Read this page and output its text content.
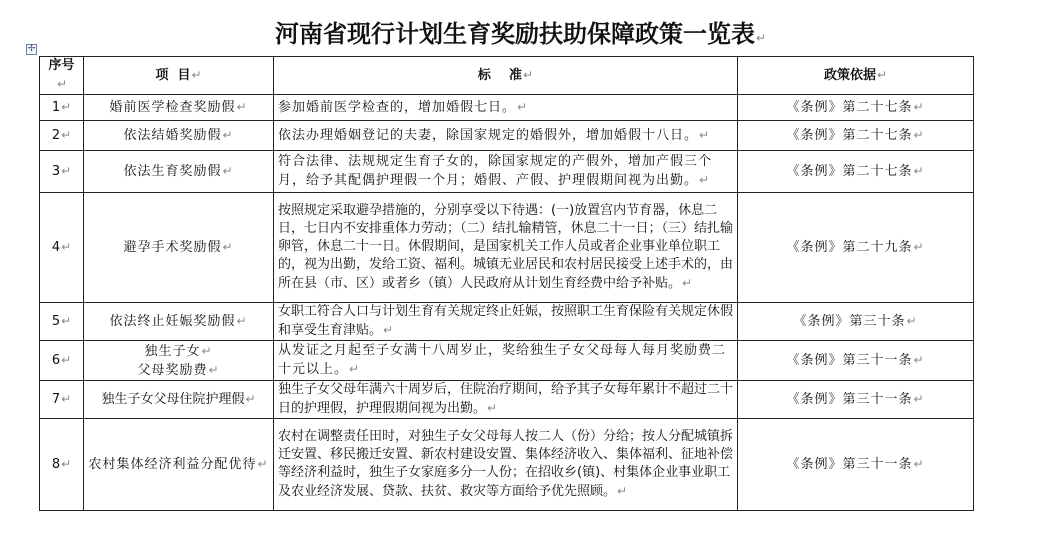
河南省现行计划生育奖励扶助保障政策一览表↵
✢
序号↵	项  目↵	标    准↵	政策依据↵
1↵	婚前医学检查奖励假↵	参加婚前医学检查的，增加婚假七日。↵	《条例》第二十七条↵
2↵	依法结婚奖励假↵	依法办理婚姻登记的夫妻，除国家规定的婚假外，增加婚假十八日。↵	《条例》第二十七条↵
3↵	依法生育奖励假↵	符合法律、法规规定生育子女的，除国家规定的产假外，增加产假三个月，给予其配偶护理假一个月；婚假、产假、护理假期间视为出勤。↵	《条例》第二十七条↵
4↵	避孕手术奖励假↵	按照规定采取避孕措施的，分别享受以下待遇：(一)放置宫内节育器，休息二日，七日内不安排重体力劳动；（二）结扎输精管，休息二十一日；（三）结扎输卵管，休息二十一日。休假期间，是国家机关工作人员或者企业事业单位职工的，视为出勤，发给工资、福利。城镇无业居民和农村居民接受上述手术的，由所在县（市、区）或者乡（镇）人民政府从计划生育经费中给予补贴。↵	《条例》第二十九条↵
5↵	依法终止妊娠奖励假↵	女职工符合人口与计划生育有关规定终止妊娠，按照职工生育保险有关规定休假和享受生育津贴。↵	《条例》第三十条↵
6↵	独生子女↵
父母奖励费↵	从发证之月起至子女满十八周岁止，奖给独生子女父母每人每月奖励费二十元以上。↵	《条例》第三十一条↵
7↵	独生子女父母住院护理假↵	独生子女父母年满六十周岁后，住院治疗期间，给予其子女每年累计不超过二十日的护理假，护理假期间视为出勤。↵	《条例》第三十一条↵
8↵	农村集体经济利益分配优待↵	农村在调整责任田时，对独生子女父母每人按二人（份）分给；按人分配城镇拆迁安置、移民搬迁安置、新农村建设安置、集体经济收入、集体福利、征地补偿等经济利益时，独生子女家庭多分一人份；在招收乡(镇)、村集体企业事业职工及农业经济发展、贷款、扶贫、救灾等方面给予优先照顾。↵	《条例》第三十一条↵
